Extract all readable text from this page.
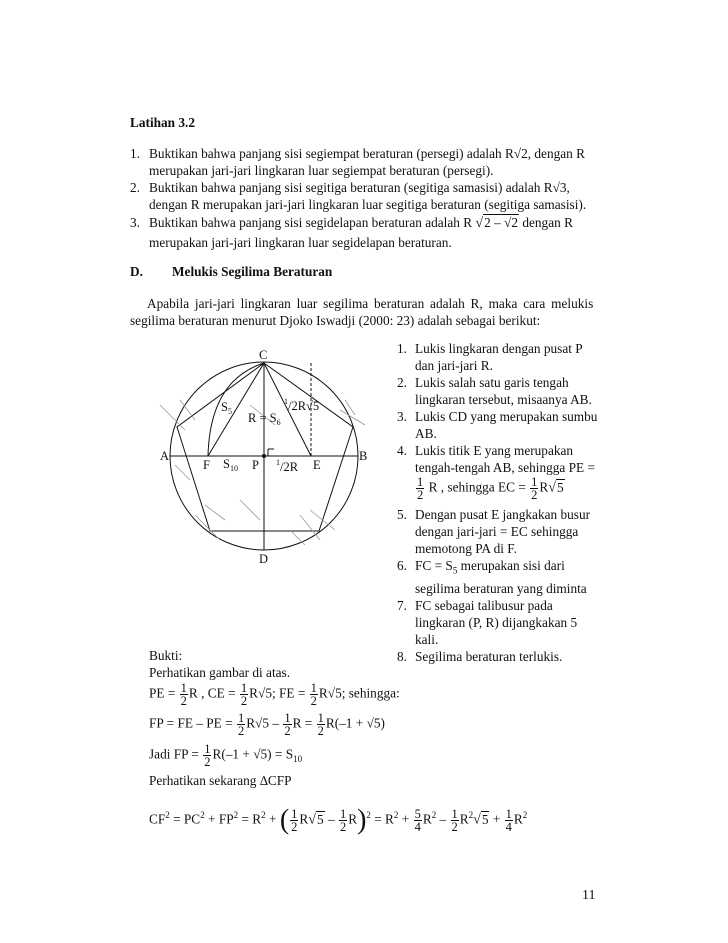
Latihan 3.2
1. Buktikan bahwa panjang sisi segiempat beraturan (persegi) adalah R√2, dengan R
merupakan jari-jari lingkaran luar segiempat beraturan (persegi).
2. Buktikan bahwa panjang sisi segitiga beraturan (segitiga samasisi) adalah R√3,
dengan R merupakan jari-jari lingkaran luar segitiga beraturan (segitiga samasisi).
3. Buktikan bahwa panjang sisi segidelapan beraturan adalah R √2 – √2 dengan R
merupakan jari-jari lingkaran luar segidelapan beraturan.
D. Melukis Segilima Beraturan
Apabila jari-jari lingkaran luar segilima beraturan adalah R, maka cara melukis
segilima beraturan menurut Djoko Iswadji (2000: 23) adalah sebagai berikut:
C
D
A	B
F	P	E
$S_5$
$S_{10}$
$R = S_6$
$^1$/2R
$^1$/2R√5
1. Lukis lingkaran dengan pusat P
dan jari-jari R.
2. Lukis salah satu garis tengah
lingkaran tersebut, misaanya AB.
3. Lukis CD yang merupakan sumbu
AB.
4. Lukis titik E yang merupakan
tengah-tengah AB, sehingga PE =
$\frac{1}{2}$ R , sehingga EC = $\frac{1}{2} R√5$
5. Dengan pusat E jangkakan busur
dengan jari-jari = EC sehingga
memotong PA di F.
6. FC = $S_5$ merupakan sisi dari
segilima beraturan yang diminta
7. FC sebagai talibusur pada
lingkaran (P, R) dijangkakan 5
kali.
8. Segilima beraturan terlukis.
Bukti:
Perhatikan gambar di atas.
PE = $\frac{1}{2}$ R , CE = $\frac{1}{2} R√5$; FE = $\frac{1}{2} R√5$; sehingga:
FP = FE – PE = $\frac{1}{2} R√5 - \frac{1}{2}$ $R = \frac{1}{2} R(-1 + √5)$
Jadi FP = $\frac{1}{2} R(-1 + √5) = S_{10}$
Perhatikan sekarang ∆CFP
$CF^2 = PC^2 + FP^2 = R^2$ + ( $\frac{1}{2} R√5 - \frac{1}{2} R)^2 = R^2 + \frac{5}{4} R^2 - \frac{1}{2} R^2√5 + \frac{1}{4} R^2$
11
